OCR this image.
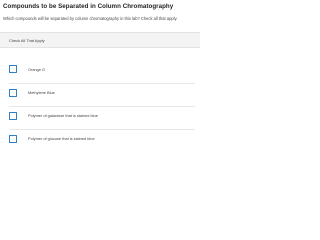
Compounds to be Separated in Column Chromatography
Which compounds will be separated by column chromatography in this lab? Check all that apply.
Check All That Apply
Orange G
Methylene Blue
Polymer of galactose that is stained blue
Polymer of glucose that is stained blue
